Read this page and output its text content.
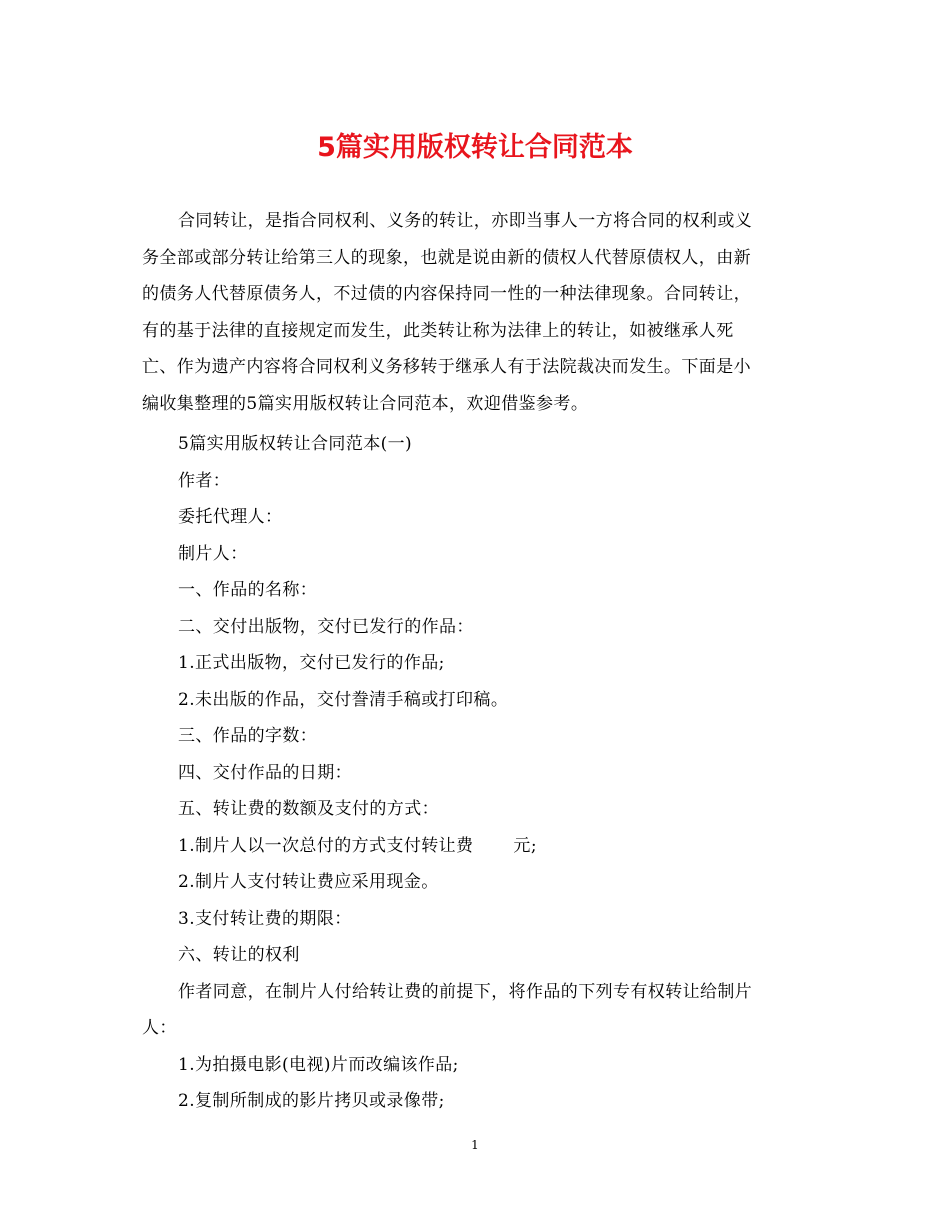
5篇实用版权转让合同范本
合同转让，是指合同权利、义务的转让，亦即当事人一方将合同的权利或义
务全部或部分转让给第三人的现象，也就是说由新的债权人代替原债权人，由新
的债务人代替原债务人，不过债的内容保持同一性的一种法律现象。合同转让，
有的基于法律的直接规定而发生，此类转让称为法律上的转让，如被继承人死
亡、作为遗产内容将合同权利义务移转于继承人有于法院裁决而发生。下面是小
编收集整理的5篇实用版权转让合同范本，欢迎借鉴参考。
5篇实用版权转让合同范本(一)
作者：
委托代理人：
制片人：
一、作品的名称：
二、交付出版物，交付已发行的作品：
1.正式出版物，交付已发行的作品;
2.未出版的作品，交付誊清手稿或打印稿。
三、作品的字数：
四、交付作品的日期：
五、转让费的数额及支付的方式：
1.制片人以一次总付的方式支付转让费 元;
2.制片人支付转让费应采用现金。
3.支付转让费的期限：
六、转让的权利
作者同意，在制片人付给转让费的前提下，将作品的下列专有权转让给制片
人：
1.为拍摄电影(电视)片而改编该作品;
2.复制所制成的影片拷贝或录像带;
1
